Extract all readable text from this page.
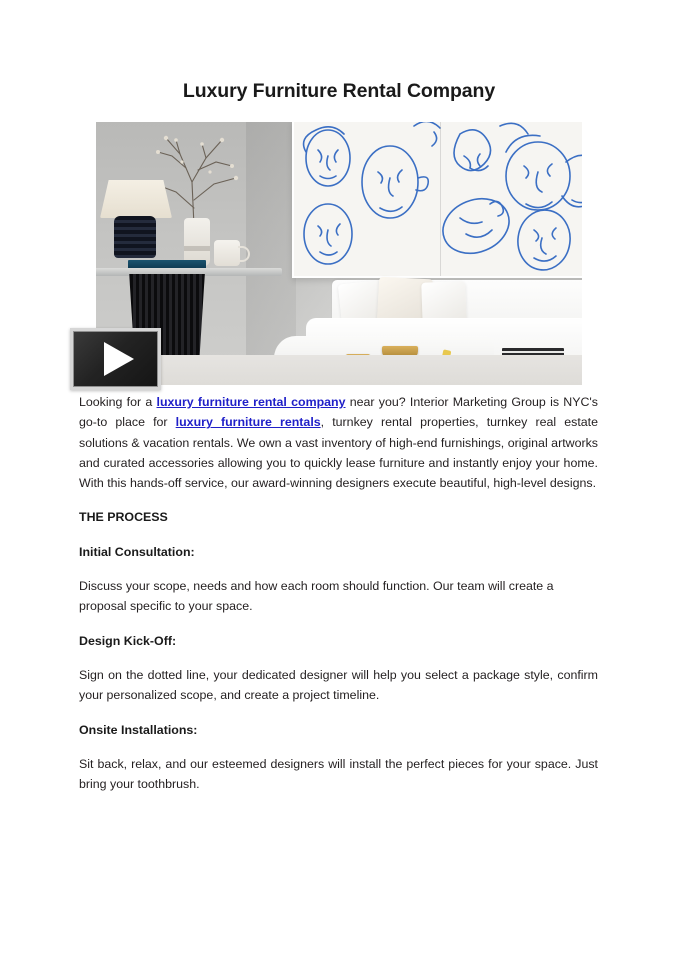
Luxury Furniture Rental Company

Looking for a luxury furniture rental company near you? Interior Marketing Group is NYC's go-to place for luxury furniture rentals, turnkey rental properties, turnkey real estate solutions & vacation rentals. We own a vast inventory of high-end furnishings, original artworks and curated accessories allowing you to quickly lease furniture and instantly enjoy your home. With this hands-off service, our award-winning designers execute beautiful, high-level designs.

THE PROCESS
Initial Consultation:

Discuss your scope, needs and how each room should function. Our team will create a proposal specific to your space.

Design Kick-Off:

Sign on the dotted line, your dedicated designer will help you select a package style, confirm your personalized scope, and create a project timeline.

Onsite Installations:

Sit back, relax, and our esteemed designers will install the perfect pieces for your space. Just bring your toothbrush.
